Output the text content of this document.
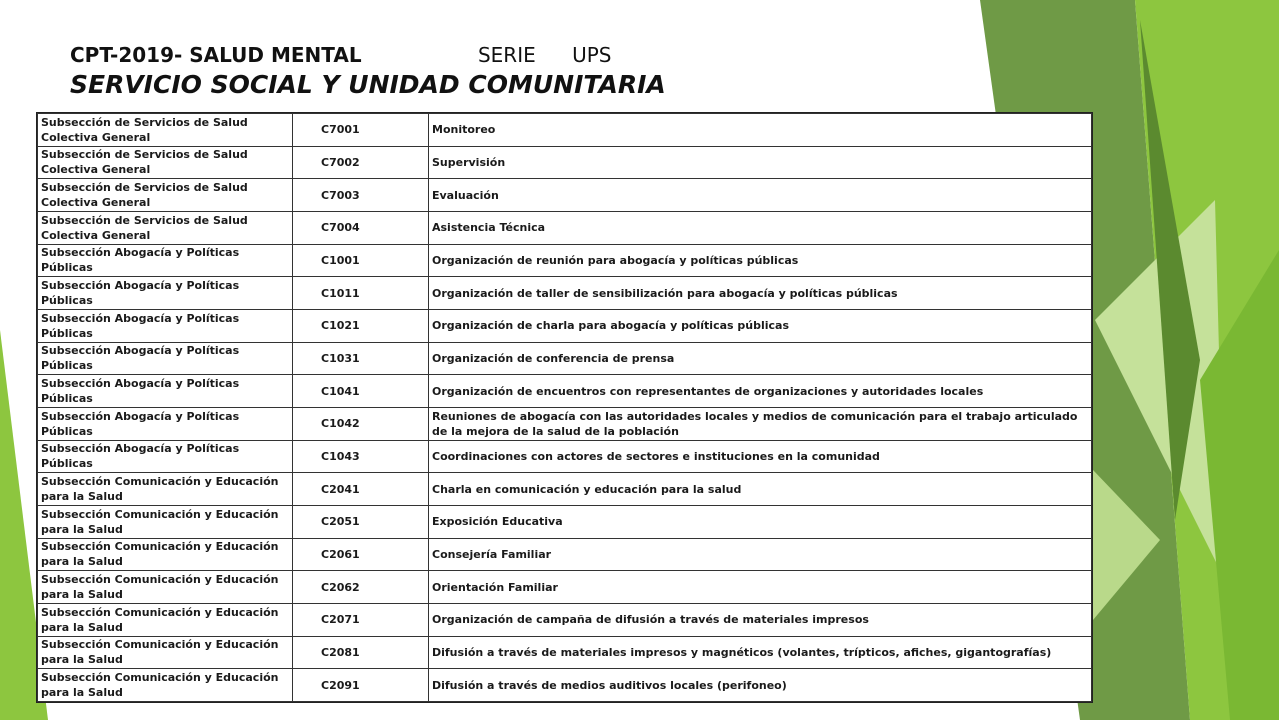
CPT-2019- SALUD MENTAL	SERIE UPS
SERVICIO SOCIAL Y UNIDAD COMUNITARIA
Subsección de Servicios de Salud Colectiva General	C7001	Monitoreo
Subsección de Servicios de Salud Colectiva General	C7002	Supervisión
Subsección de Servicios de Salud Colectiva General	C7003	Evaluación
Subsección de Servicios de Salud Colectiva General	C7004	Asistencia Técnica
Subsección Abogacía y Políticas Públicas	C1001	Organización de reunión para abogacía y políticas públicas
Subsección Abogacía y Políticas Públicas	C1011	Organización de taller de sensibilización para abogacía y políticas públicas
Subsección Abogacía y Políticas Públicas	C1021	Organización de charla para abogacía y políticas públicas
Subsección Abogacía y Políticas Públicas	C1031	Organización de conferencia de prensa
Subsección Abogacía y Políticas Públicas	C1041	Organización de encuentros con representantes de organizaciones y autoridades locales
Subsección Abogacía y Políticas Públicas	C1042	Reuniones de abogacía con las autoridades locales y medios de comunicación para el trabajo articulado de la mejora de la salud de la población
Subsección Abogacía y Políticas Públicas	C1043	Coordinaciones con actores de sectores e instituciones en la comunidad
Subsección Comunicación y Educación para la Salud	C2041	Charla en comunicación y educación para la salud
Subsección Comunicación y Educación para la Salud	C2051	Exposición Educativa
Subsección Comunicación y Educación para la Salud	C2061	Consejería Familiar
Subsección Comunicación y Educación para la Salud	C2062	Orientación Familiar
Subsección Comunicación y Educación para la Salud	C2071	Organización de campaña de difusión a través de materiales impresos
Subsección Comunicación y Educación para la Salud	C2081	Difusión a través de materiales impresos y magnéticos (volantes, trípticos, afiches, gigantografías)
Subsección Comunicación y Educación para la Salud	C2091	Difusión a través de medios auditivos locales (perifoneo)
